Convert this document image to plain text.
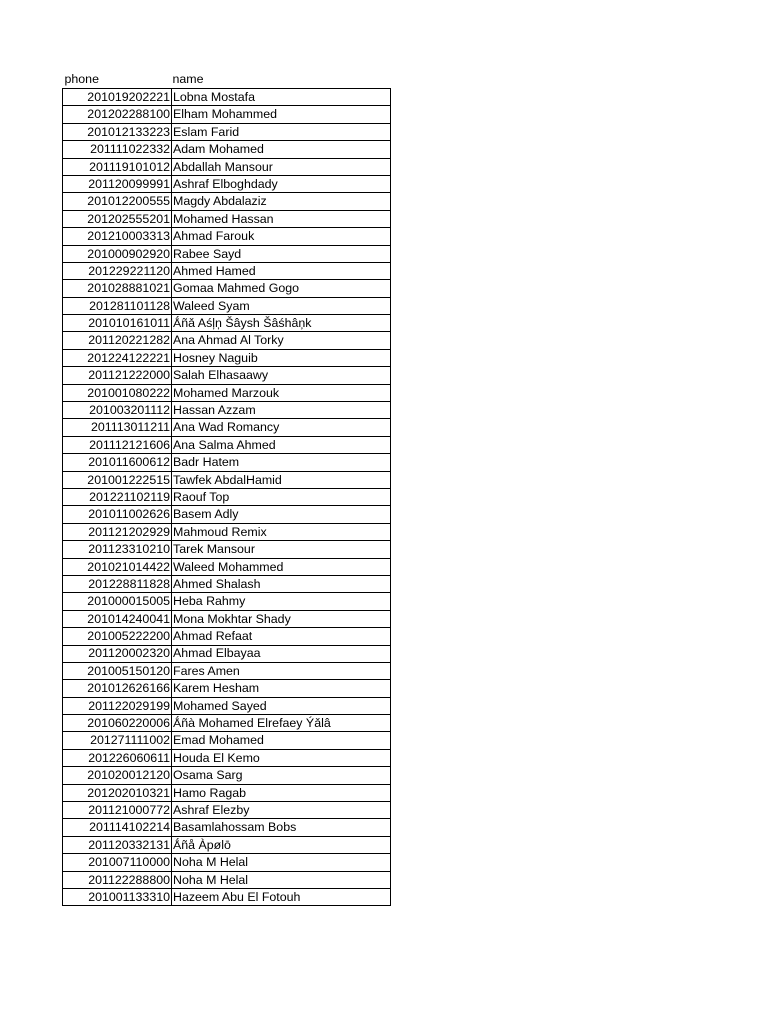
phone	name
201019202221	Lobna Mostafa
201202288100	Elham Mohammed
201012133223	Eslam Farid
201111022332	Adam Mohamed
201119101012	Abdallah Mansour
201120099991	Ashraf Elboghdady
201012200555	Magdy Abdalaziz
201202555201	Mohamed Hassan
201210003313	Ahmad Farouk
201000902920	Rabee Sayd
201229221120	Ahmed Hamed
201028881021	Gomaa Mahmed Gogo
201281101128	Waleed Syam
201010161011	Ǻñǎ Aśļņ Šâysh Šâśhâņk
201120221282	Ana Ahmad Al Torky
201224122221	Hosney Naguib
201121222000	Salah Elhasaawy
201001080222	Mohamed Marzouk
201003201112	Hassan Azzam
201113011211	Ana Wad Romancy
201112121606	Ana Salma Ahmed
201011600612	Badr Hatem
201001222515	Tawfek AbdalHamid
201221102119	Raouf Top
201011002626	Basem Adly
201121202929	Mahmoud Remix
201123310210	Tarek Mansour
201021014422	Waleed Mohammed
201228811828	Ahmed Shalash
201000015005	Heba Rahmy
201014240041	Mona Mokhtar Shady
201005222200	Ahmad Refaat
201120002320	Ahmad Elbayaa
201005150120	Fares Amen
201012626166	Karem Hesham
201122029199	Mohamed Sayed
201060220006	Ǻñà Mohamed Elrefaey Ýǎlâ
201271111002	Emad Mohamed
201226060611	Houda El Kemo
201020012120	Osama Sarg
201202010321	Hamo Ragab
201121000772	Ashraf Elezby
201114102214	Basamlahossam Bobs
201120332131	Ǻñå Àpølō
201007110000	Noha M Helal
201122288800	Noha M Helal
201001133310	Hazeem Abu El Fotouh
